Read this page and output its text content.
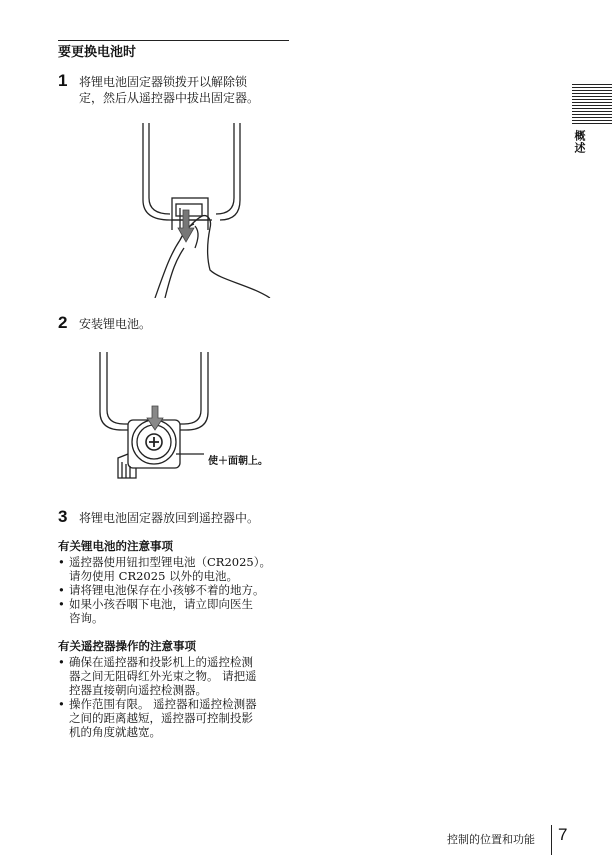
要更换电池时
1 将锂电池固定器锁拨开以解除锁
定，然后从遥控器中拔出固定器。
2 安装锂电池。
使＋面朝上。
3 将锂电池固定器放回到遥控器中。
有关锂电池的注意事项
• 遥控器使用钮扣型锂电池（CR2025）。
请勿使用 CR2025 以外的电池。
• 请将锂电池保存在小孩够不着的地方。
• 如果小孩吞咽下电池，请立即向医生
咨询。
有关遥控器操作的注意事项
• 确保在遥控器和投影机上的遥控检测
器之间无阻碍红外光束之物。 请把遥
控器直接朝向遥控检测器。
• 操作范围有限。 遥控器和遥控检测器
之间的距离越短，遥控器可控制投影
机的角度就越宽。
概述
控制的位置和功能 7
